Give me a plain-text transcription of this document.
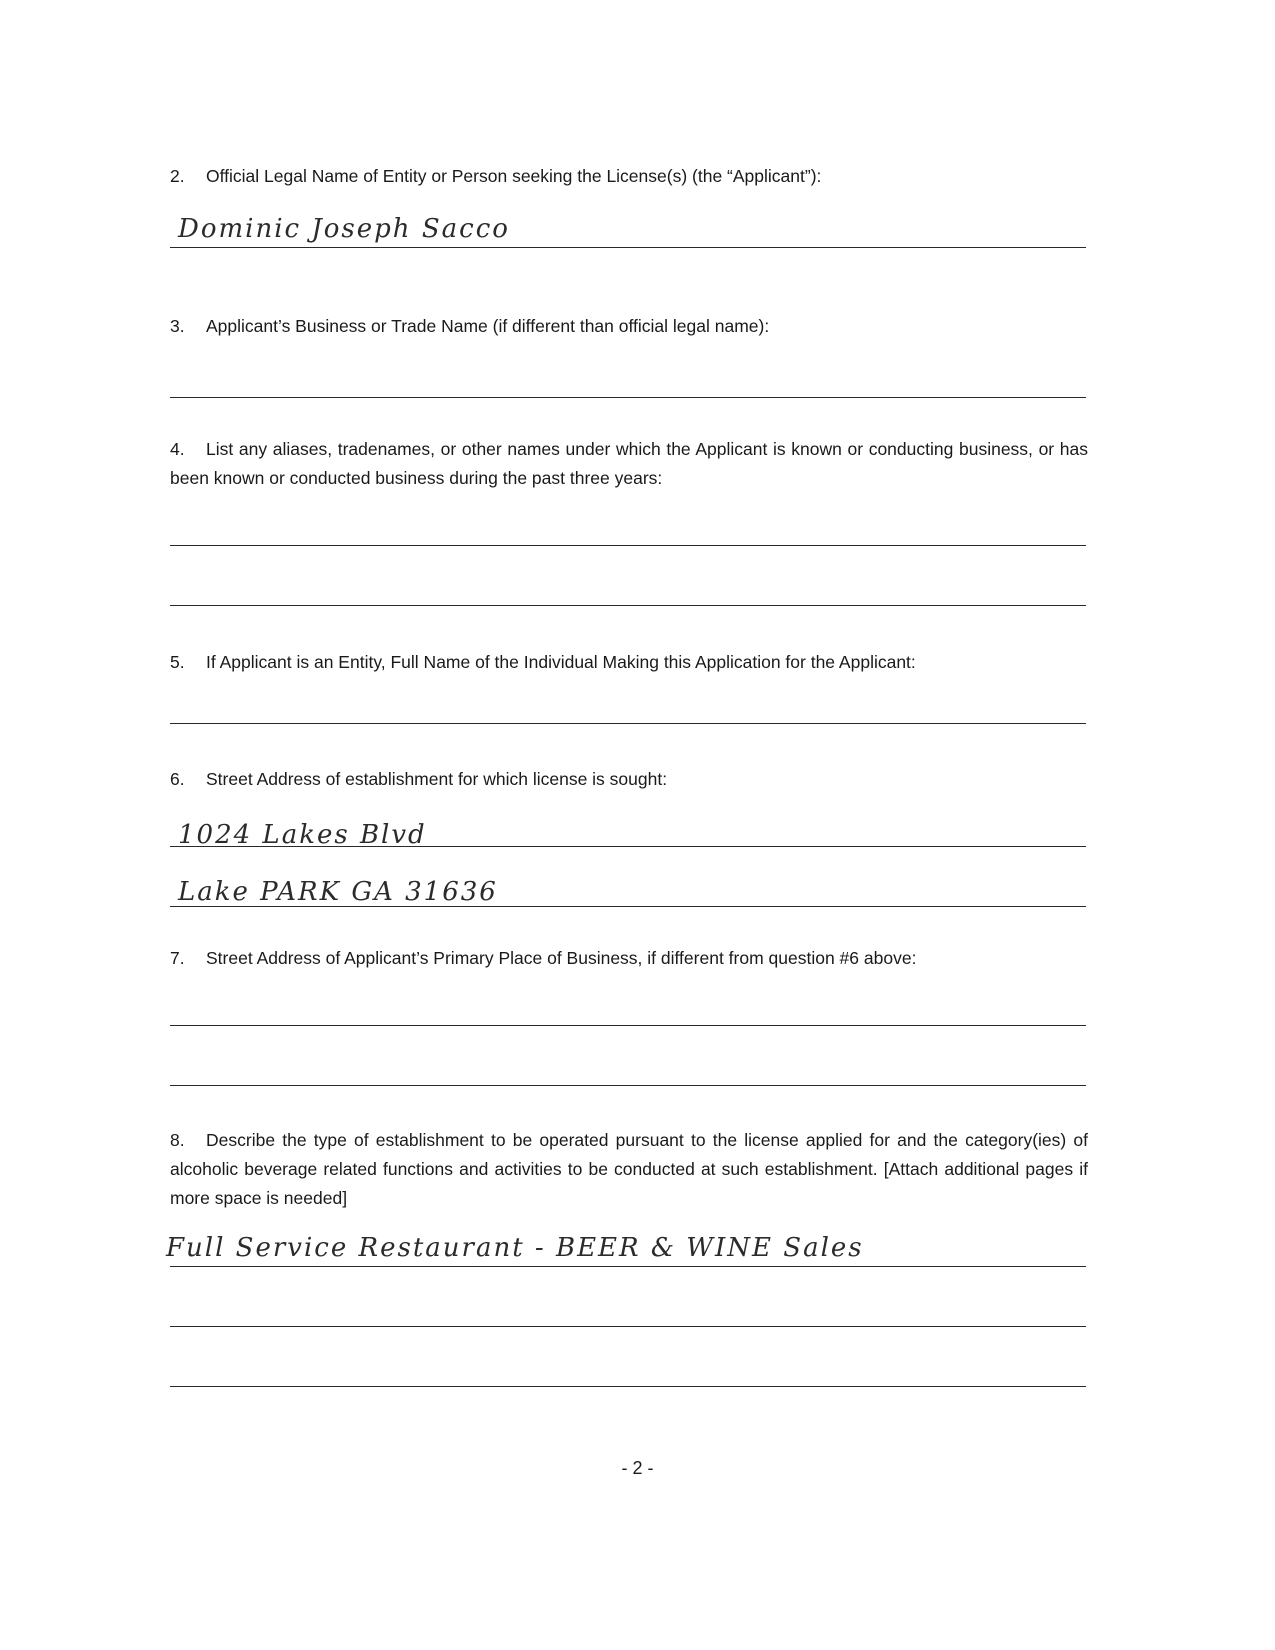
2. Official Legal Name of Entity or Person seeking the License(s) (the “Applicant”):
Dominic Joseph Sacco
3. Applicant’s Business or Trade Name (if different than official legal name):
4. List any aliases, tradenames, or other names under which the Applicant is known or conducting business, or has been known or conducted business during the past three years:
5. If Applicant is an Entity, Full Name of the Individual Making this Application for the Applicant:
6. Street Address of establishment for which license is sought:
1024 Lakes Blvd
Lake PARK GA 31636
7. Street Address of Applicant’s Primary Place of Business, if different from question #6 above:
8. Describe the type of establishment to be operated pursuant to the license applied for and the category(ies) of alcoholic beverage related functions and activities to be conducted at such establishment. [Attach additional pages if more space is needed]
Full Service Restaurant - BEER & WINE Sales
- 2 -
